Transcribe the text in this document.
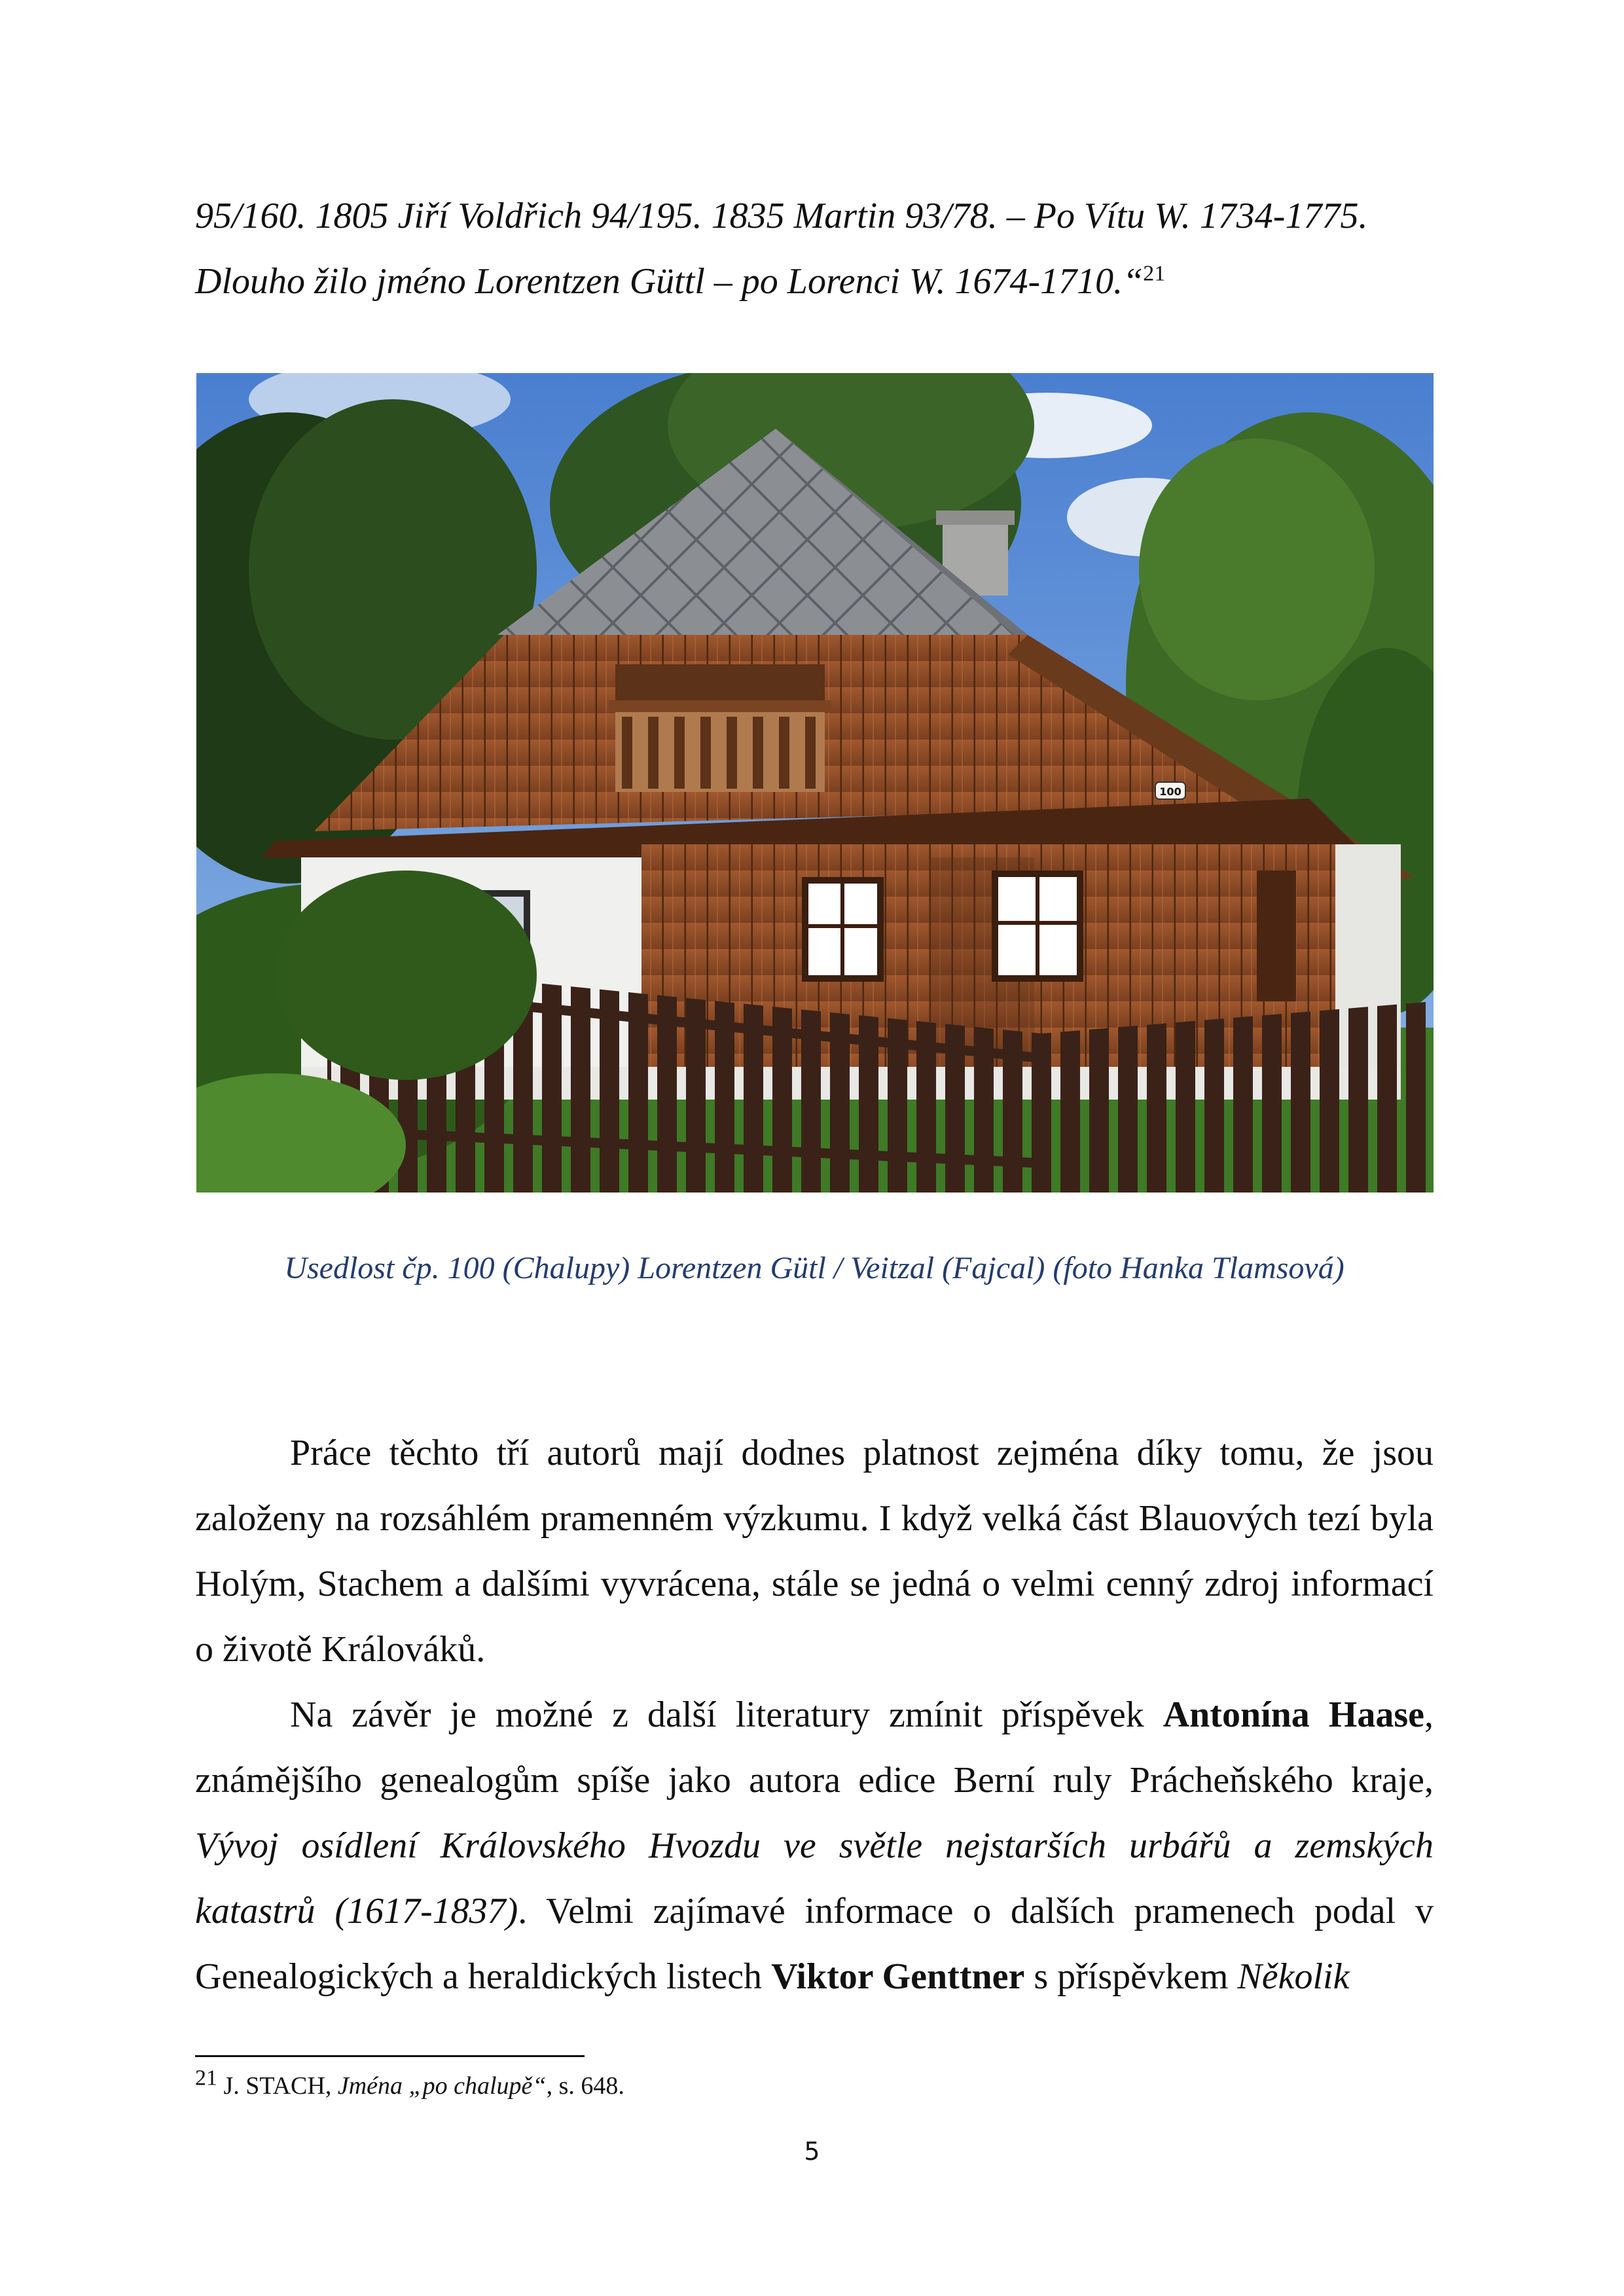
95/160. 1805 Jiří Voldřich 94/195. 1835 Martin 93/78. – Po Vítu W. 1734-1775.

Dlouho žilo jméno Lorentzen Güttl – po Lorenci W. 1674-1710.“$^{21}$

100
Usedlost čp. 100 (Chalupy) Lorentzen Gütl / Veitzal (Fajcal) (foto Hanka Tlamsová)

Práce těchto tří autorů mají dodnes platnost zejména díky tomu, že jsou založeny na rozsáhlém pramenném výzkumu. I když velká část Blauových tezí byla Holým, Stachem a dalšími vyvrácena, stále se jedná o velmi cenný zdroj informací o životě Králováků.

Na závěr je možné z další literatury zmínit příspěvek Antonína Haase, známějšího genealogům spíše jako autora edice Berní ruly Prácheňského kraje, Vývoj osídlení Královského Hvozdu ve světle nejstarších urbářů a zemských katastrů (1617-1837). Velmi zajímavé informace o dalších pramenech podal v Genealogických a heraldických listech Viktor Genttner s příspěvkem Několik

21 J. STACH, Jména „po chalupě“, s. 648.
5
